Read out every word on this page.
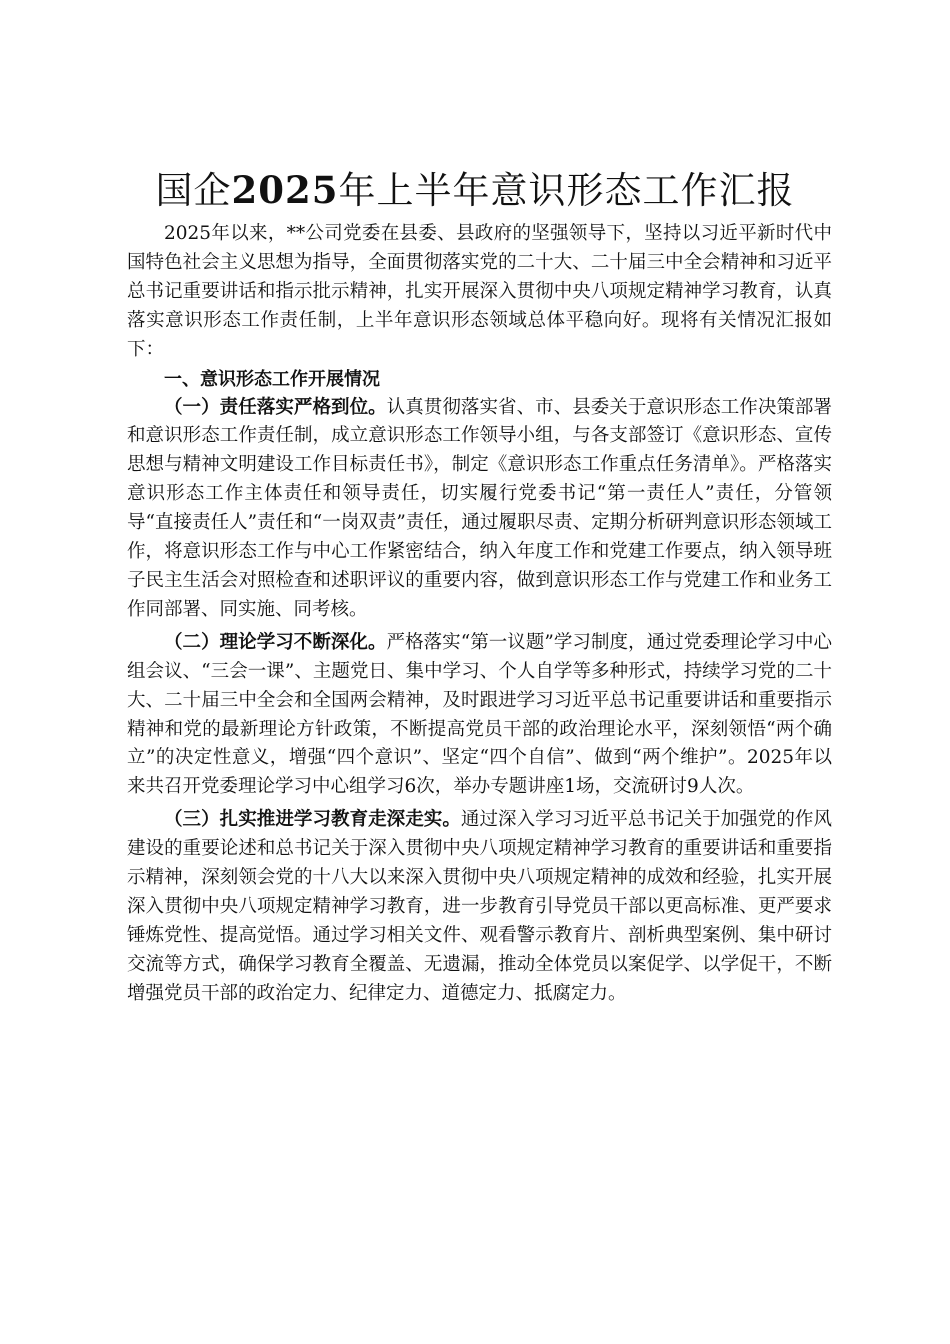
国企2025年上半年意识形态工作汇报

2025年以来，**公司党委在县委、县政府的坚强领导下，坚持以习近平新时代中国特色社会主义思想为指导，全面贯彻落实党的二十大、二十届三中全会精神和习近平总书记重要讲话和指示批示精神，扎实开展深入贯彻中央八项规定精神学习教育，认真落实意识形态工作责任制，上半年意识形态领域总体平稳向好。现将有关情况汇报如下：

一、意识形态工作开展情况

（一）责任落实严格到位。认真贯彻落实省、市、县委关于意识形态工作决策部署和意识形态工作责任制，成立意识形态工作领导小组，与各支部签订《意识形态、宣传思想与精神文明建设工作目标责任书》，制定《意识形态工作重点任务清单》。严格落实意识形态工作主体责任和领导责任，切实履行党委书记“第一责任人”责任，分管领导“直接责任人”责任和“一岗双责”责任，通过履职尽责、定期分析研判意识形态领域工作，将意识形态工作与中心工作紧密结合，纳入年度工作和党建工作要点，纳入领导班子民主生活会对照检查和述职评议的重要内容，做到意识形态工作与党建工作和业务工作同部署、同实施、同考核。

（二）理论学习不断深化。严格落实“第一议题”学习制度，通过党委理论学习中心组会议、“三会一课”、主题党日、集中学习、个人自学等多种形式，持续学习党的二十大、二十届三中全会和全国两会精神，及时跟进学习习近平总书记重要讲话和重要指示精神和党的最新理论方针政策，不断提高党员干部的政治理论水平，深刻领悟“两个确立”的决定性意义，增强“四个意识”、坚定“四个自信”、做到“两个维护”。2025年以来共召开党委理论学习中心组学习6次，举办专题讲座1场，交流研讨9人次。

（三）扎实推进学习教育走深走实。通过深入学习习近平总书记关于加强党的作风建设的重要论述和总书记关于深入贯彻中央八项规定精神学习教育的重要讲话和重要指示精神，深刻领会党的十八大以来深入贯彻中央八项规定精神的成效和经验，扎实开展深入贯彻中央八项规定精神学习教育，进一步教育引导党员干部以更高标准、更严要求锤炼党性、提高觉悟。通过学习相关文件、观看警示教育片、剖析典型案例、集中研讨交流等方式，确保学习教育全覆盖、无遗漏，推动全体党员以案促学、以学促干，不断增强党员干部的政治定力、纪律定力、道德定力、抵腐定力。
